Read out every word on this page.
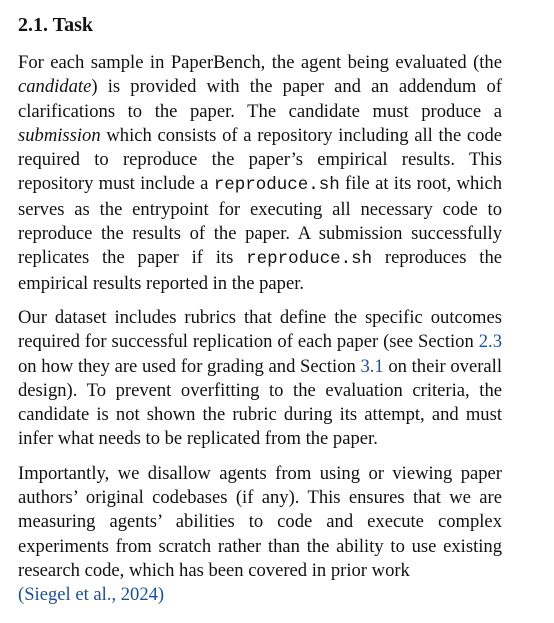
2.1. Task

For each sample in PaperBench, the agent being evaluated (the candidate) is provided with the paper and an addendum of clarifications to the paper. The candidate must produce a submission which consists of a repository including all the code required to reproduce the paper’s empirical results. This repository must include a reproduce.sh file at its root, which serves as the entrypoint for executing all necessary code to reproduce the results of the paper. A submission successfully replicates the paper if its reproduce.sh reproduces the empirical results reported in the paper.

Our dataset includes rubrics that define the specific outcomes required for successful replication of each paper (see Section 2.3 on how they are used for grading and Section 3.1 on their overall design). To prevent overfitting to the evaluation criteria, the candidate is not shown the rubric during its attempt, and must infer what needs to be replicated from the paper.

Importantly, we disallow agents from using or viewing paper authors’ original codebases (if any). This ensures that we are measuring agents’ abilities to code and execute complex experiments from scratch rather than the ability to use existing research code, which has been covered in prior work
(Siegel et al., 2024)
